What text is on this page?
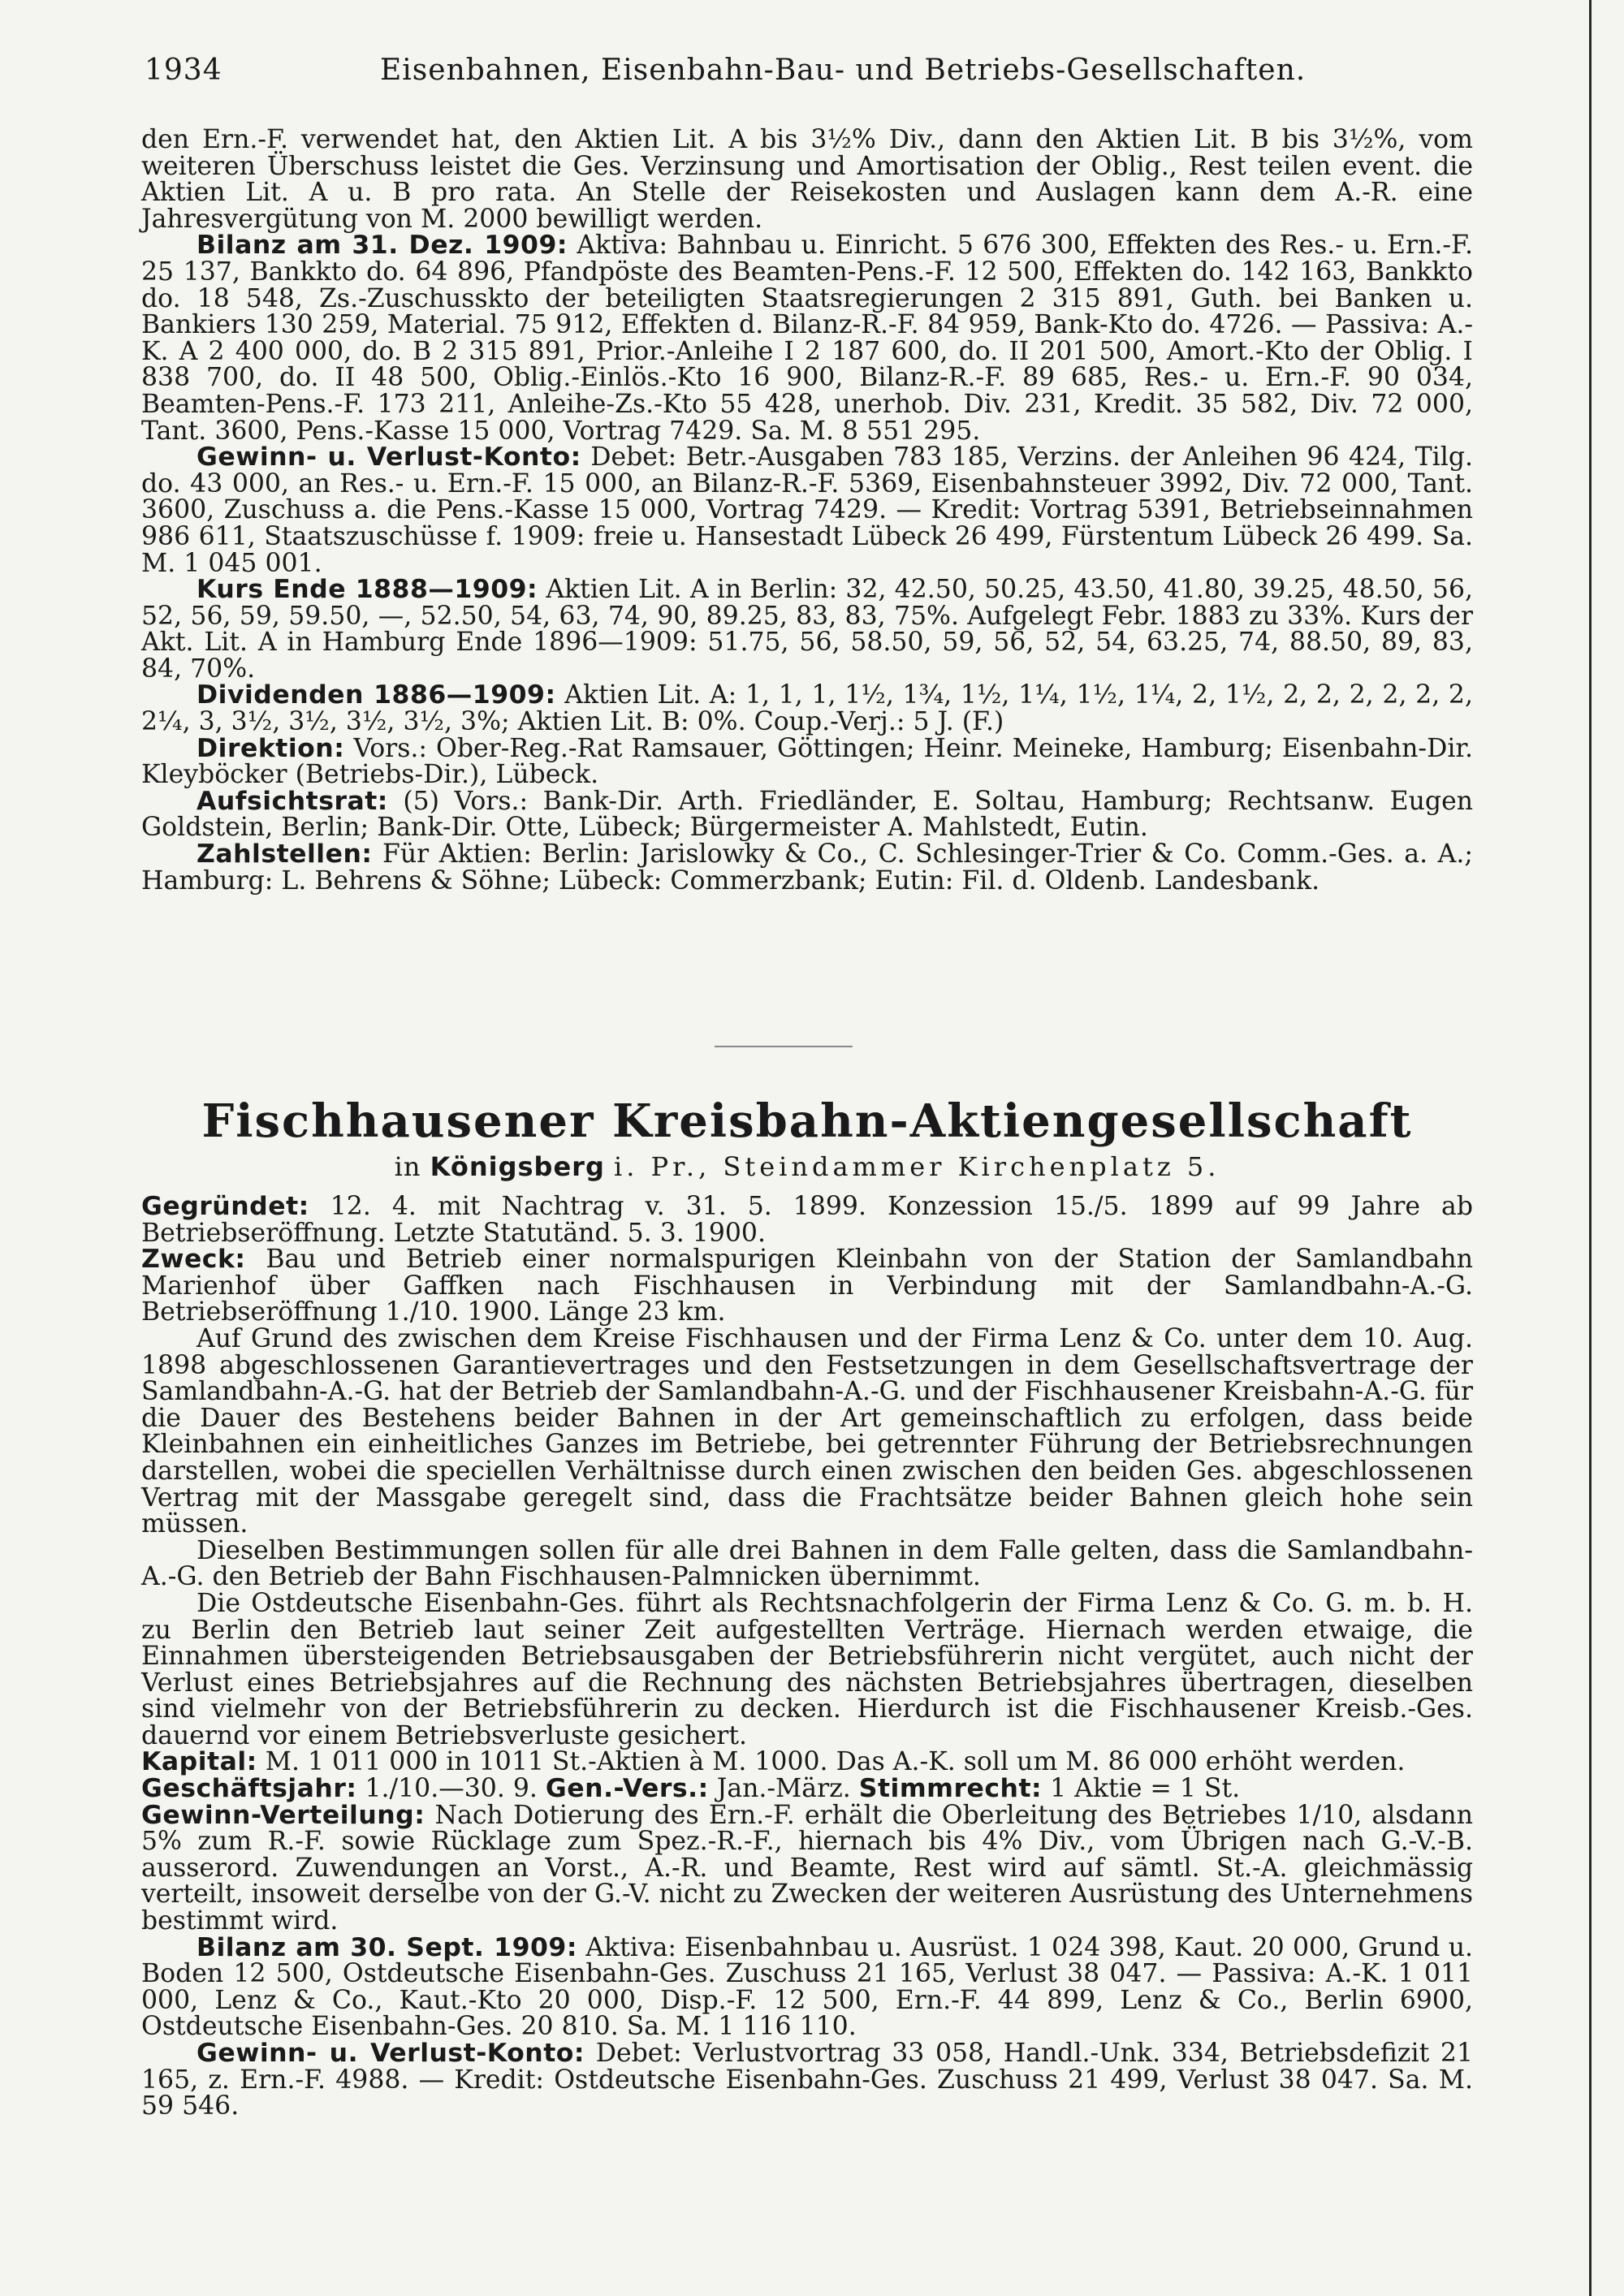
1934	Eisenbahnen, Eisenbahn-Bau- und Betriebs-Gesellschaften.

den Ern.-F. verwendet hat, den Aktien Lit. A bis 3½% Div., dann den Aktien Lit. B bis 3½%, vom weiteren Überschuss leistet die Ges. Verzinsung und Amortisation der Oblig., Rest teilen event. die Aktien Lit. A u. B pro rata. An Stelle der Reisekosten und Auslagen kann dem A.-R. eine Jahresvergütung von M. 2000 bewilligt werden.

Bilanz am 31. Dez. 1909: Aktiva: Bahnbau u. Einricht. 5 676 300, Effekten des Res.- u. Ern.-F. 25 137, Bankkto do. 64 896, Pfandpöste des Beamten-Pens.-F. 12 500, Effekten do. 142 163, Bankkto do. 18 548, Zs.-Zuschusskto der beteiligten Staatsregierungen 2 315 891, Guth. bei Banken u. Bankiers 130 259, Material. 75 912, Effekten d. Bilanz-R.-F. 84 959, Bank-Kto do. 4726. — Passiva: A.-K. A 2 400 000, do. B 2 315 891, Prior.-Anleihe I 2 187 600, do. II 201 500, Amort.-Kto der Oblig. I 838 700, do. II 48 500, Oblig.-Einlös.-Kto 16 900, Bilanz-R.-F. 89 685, Res.- u. Ern.-F. 90 034, Beamten-Pens.-F. 173 211, Anleihe-Zs.-Kto 55 428, unerhob. Div. 231, Kredit. 35 582, Div. 72 000, Tant. 3600, Pens.-Kasse 15 000, Vortrag 7429. Sa. M. 8 551 295.

Gewinn- u. Verlust-Konto: Debet: Betr.-Ausgaben 783 185, Verzins. der Anleihen 96 424, Tilg. do. 43 000, an Res.- u. Ern.-F. 15 000, an Bilanz-R.-F. 5369, Eisenbahnsteuer 3992, Div. 72 000, Tant. 3600, Zuschuss a. die Pens.-Kasse 15 000, Vortrag 7429. — Kredit: Vortrag 5391, Betriebseinnahmen 986 611, Staatszuschüsse f. 1909: freie u. Hansestadt Lübeck 26 499, Fürstentum Lübeck 26 499. Sa. M. 1 045 001.

Kurs Ende 1888—1909: Aktien Lit. A in Berlin: 32, 42.50, 50.25, 43.50, 41.80, 39.25, 48.50, 56, 52, 56, 59, 59.50, —, 52.50, 54, 63, 74, 90, 89.25, 83, 83, 75%. Aufgelegt Febr. 1883 zu 33%. Kurs der Akt. Lit. A in Hamburg Ende 1896—1909: 51.75, 56, 58.50, 59, 56, 52, 54, 63.25, 74, 88.50, 89, 83, 84, 70%.

Dividenden 1886—1909: Aktien Lit. A: 1, 1, 1, 1½, 1¾, 1½, 1¼, 1½, 1¼, 2, 1½, 2, 2, 2, 2, 2, 2, 2¼, 3, 3½, 3½, 3½, 3½, 3%; Aktien Lit. B: 0%. Coup.-Verj.: 5 J. (F.)

Direktion: Vors.: Ober-Reg.-Rat Ramsauer, Göttingen; Heinr. Meineke, Hamburg; Eisenbahn-Dir. Kleyböcker (Betriebs-Dir.), Lübeck.

Aufsichtsrat: (5) Vors.: Bank-Dir. Arth. Friedländer, E. Soltau, Hamburg; Rechtsanw. Eugen Goldstein, Berlin; Bank-Dir. Otte, Lübeck; Bürgermeister A. Mahlstedt, Eutin.

Zahlstellen: Für Aktien: Berlin: Jarislowky & Co., C. Schlesinger-Trier & Co. Comm.-Ges. a. A.; Hamburg: L. Behrens & Söhne; Lübeck: Commerzbank; Eutin: Fil. d. Oldenb. Landesbank.

Fischhausener Kreisbahn-Aktiengesellschaft
in Königsberg i. Pr., Steindammer Kirchenplatz 5.

Gegründet: 12. 4. mit Nachtrag v. 31. 5. 1899. Konzession 15./5. 1899 auf 99 Jahre ab Betriebseröffnung. Letzte Statutänd. 5. 3. 1900.

Zweck: Bau und Betrieb einer normalspurigen Kleinbahn von der Station der Samlandbahn Marienhof über Gaffken nach Fischhausen in Verbindung mit der Samlandbahn-A.-G. Betriebseröffnung 1./10. 1900. Länge 23 km.

Auf Grund des zwischen dem Kreise Fischhausen und der Firma Lenz & Co. unter dem 10. Aug. 1898 abgeschlossenen Garantievertrages und den Festsetzungen in dem Gesellschaftsvertrage der Samlandbahn-A.-G. hat der Betrieb der Samlandbahn-A.-G. und der Fischhausener Kreisbahn-A.-G. für die Dauer des Bestehens beider Bahnen in der Art gemeinschaftlich zu erfolgen, dass beide Kleinbahnen ein einheitliches Ganzes im Betriebe, bei getrennter Führung der Betriebsrechnungen darstellen, wobei die speciellen Verhältnisse durch einen zwischen den beiden Ges. abgeschlossenen Vertrag mit der Massgabe geregelt sind, dass die Frachtsätze beider Bahnen gleich hohe sein müssen.

Dieselben Bestimmungen sollen für alle drei Bahnen in dem Falle gelten, dass die Samlandbahn-A.-G. den Betrieb der Bahn Fischhausen-Palmnicken übernimmt.

Die Ostdeutsche Eisenbahn-Ges. führt als Rechtsnachfolgerin der Firma Lenz & Co. G. m. b. H. zu Berlin den Betrieb laut seiner Zeit aufgestellten Verträge. Hiernach werden etwaige, die Einnahmen übersteigenden Betriebsausgaben der Betriebsführerin nicht vergütet, auch nicht der Verlust eines Betriebsjahres auf die Rechnung des nächsten Betriebsjahres übertragen, dieselben sind vielmehr von der Betriebsführerin zu decken. Hierdurch ist die Fischhausener Kreisb.-Ges. dauernd vor einem Betriebsverluste gesichert.

Kapital: M. 1 011 000 in 1011 St.-Aktien à M. 1000. Das A.-K. soll um M. 86 000 erhöht werden.

Geschäftsjahr: 1./10.—30. 9. Gen.-Vers.: Jan.-März. Stimmrecht: 1 Aktie = 1 St.

Gewinn-Verteilung: Nach Dotierung des Ern.-F. erhält die Oberleitung des Betriebes 1/10, alsdann 5% zum R.-F. sowie Rücklage zum Spez.-R.-F., hiernach bis 4% Div., vom Übrigen nach G.-V.-B. ausserord. Zuwendungen an Vorst., A.-R. und Beamte, Rest wird auf sämtl. St.-A. gleichmässig verteilt, insoweit derselbe von der G.-V. nicht zu Zwecken der weiteren Ausrüstung des Unternehmens bestimmt wird.

Bilanz am 30. Sept. 1909: Aktiva: Eisenbahnbau u. Ausrüst. 1 024 398, Kaut. 20 000, Grund u. Boden 12 500, Ostdeutsche Eisenbahn-Ges. Zuschuss 21 165, Verlust 38 047. — Passiva: A.-K. 1 011 000, Lenz & Co., Kaut.-Kto 20 000, Disp.-F. 12 500, Ern.-F. 44 899, Lenz & Co., Berlin 6900, Ostdeutsche Eisenbahn-Ges. 20 810. Sa. M. 1 116 110.

Gewinn- u. Verlust-Konto: Debet: Verlustvortrag 33 058, Handl.-Unk. 334, Betriebsdefizit 21 165, z. Ern.-F. 4988. — Kredit: Ostdeutsche Eisenbahn-Ges. Zuschuss 21 499, Verlust 38 047. Sa. M. 59 546.
